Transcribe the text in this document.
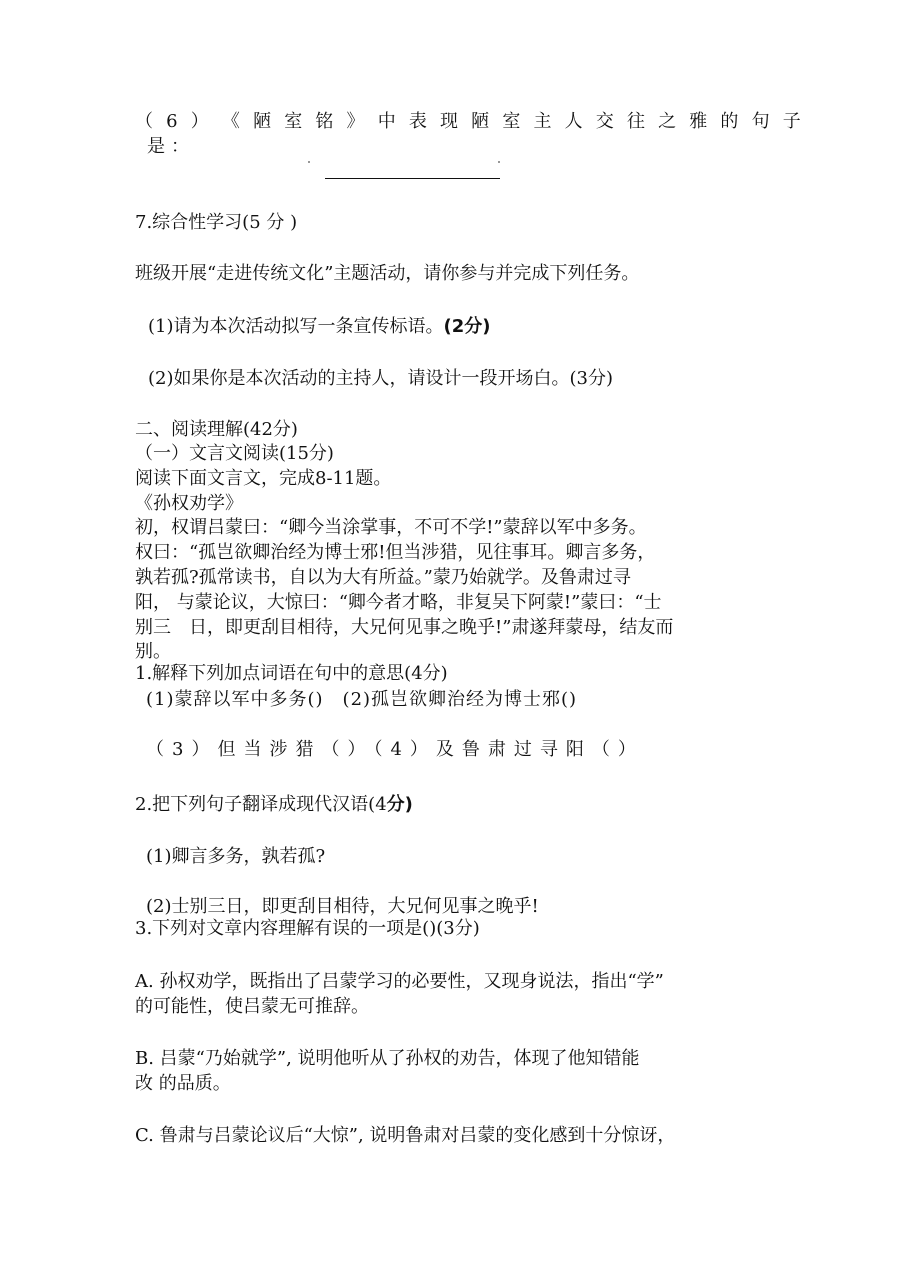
（ 6 ） 《 陋 室 铭 》 中 表 现 陋 室 主 人 交 往 之 雅 的 句 子
是：
7.综合性学习(5 分 )
班级开展“走进传统文化”主题活动，请你参与并完成下列任务。
(1)请为本次活动拟写一条宣传标语。(2分)
(2)如果你是本次活动的主持人，请设计一段开场白。(3分)
二、阅读理解(42分)
（一）文言文阅读(15分)
阅读下面文言文，完成8-11题。
《孙权劝学》
初，权谓吕蒙曰：“卿今当涂掌事，不可不学!”蒙辞以军中多务。
权曰：“孤岂欲卿治经为博士邪!但当涉猎，见往事耳。卿言多务，
孰若孤?孤常读书，自以为大有所益。”蒙乃始就学。及鲁肃过寻
阳， 与蒙论议，大惊曰：“卿今者才略，非复吴下阿蒙!”蒙曰：“士
别三　日，即更刮目相待，大兄何见事之晚乎!”肃遂拜蒙母，结友而
别。
1.解释下列加点词语在句中的意思(4分)
(1)蒙辞以军中多务()　(2)孤岂欲卿治经为博士邪()
（3）但当涉猎（）（4）及鲁肃过寻阳（）
2.把下列句子翻译成现代汉语(4分)
(1)卿言多务，孰若孤?
(2)士别三日，即更刮目相待，大兄何见事之晚乎!
3.下列对文章内容理解有误的一项是()(3分)
A. 孙权劝学，既指出了吕蒙学习的必要性，又现身说法，指出“学”
的可能性，使吕蒙无可推辞。
B. 吕蒙“乃始就学”, 说明他听从了孙权的劝告，体现了他知错能
改 的品质。
C. 鲁肃与吕蒙论议后“大惊”, 说明鲁肃对吕蒙的变化感到十分惊讶，
